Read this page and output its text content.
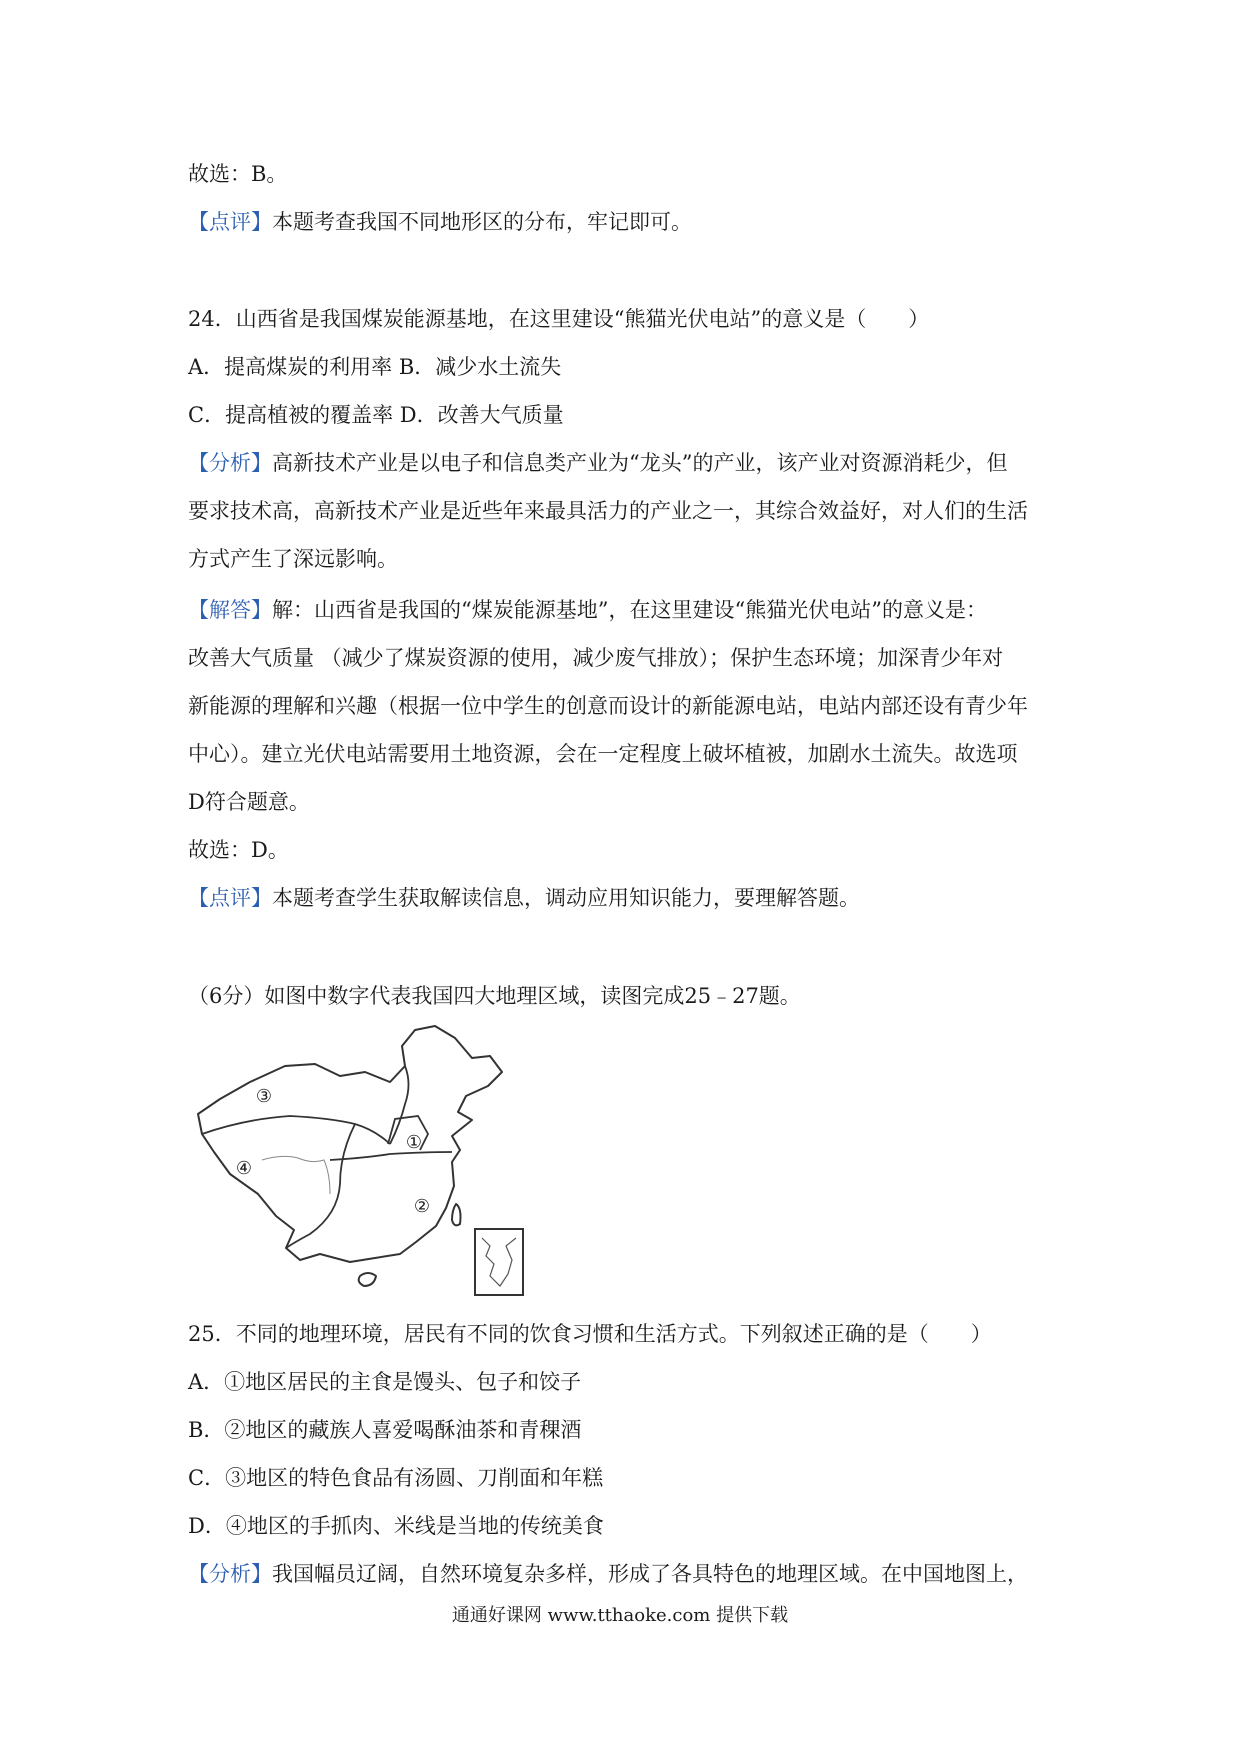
故选：B。
【点评】本题考查我国不同地形区的分布，牢记即可。
24．山西省是我国煤炭能源基地，在这里建设“熊猫光伏电站”的意义是（　　）
A．提高煤炭的利用率 B．减少水土流失
C．提高植被的覆盖率 D．改善大气质量
【分析】高新技术产业是以电子和信息类产业为“龙头”的产业，该产业对资源消耗少，但
要求技术高，高新技术产业是近些年来最具活力的产业之一，其综合效益好，对人们的生活
方式产生了深远影响。
【解答】解：山西省是我国的“煤炭能源基地”，在这里建设“熊猫光伏电站”的意义是：
改善大气质量 （减少了煤炭资源的使用，减少废气排放）；保护生态环境；加深青少年对
新能源的理解和兴趣（根据一位中学生的创意而设计的新能源电站，电站内部还设有青少年
中心）。建立光伏电站需要用土地资源，会在一定程度上破坏植被，加剧水土流失。故选项
D符合题意。
故选：D。
【点评】本题考查学生获取解读信息，调动应用知识能力，要理解答题。
（6分）如图中数字代表我国四大地理区域，读图完成25﹣27题。
①
②
③
④
25．不同的地理环境，居民有不同的饮食习惯和生活方式。下列叙述正确的是（　　）
A．①地区居民的主食是馒头、包子和饺子
B．②地区的藏族人喜爱喝酥油茶和青稞酒
C．③地区的特色食品有汤圆、刀削面和年糕
D．④地区的手抓肉、米线是当地的传统美食
【分析】我国幅员辽阔，自然环境复杂多样，形成了各具特色的地理区域。在中国地图上，
通通好课网 www.tthaoke.com 提供下载
